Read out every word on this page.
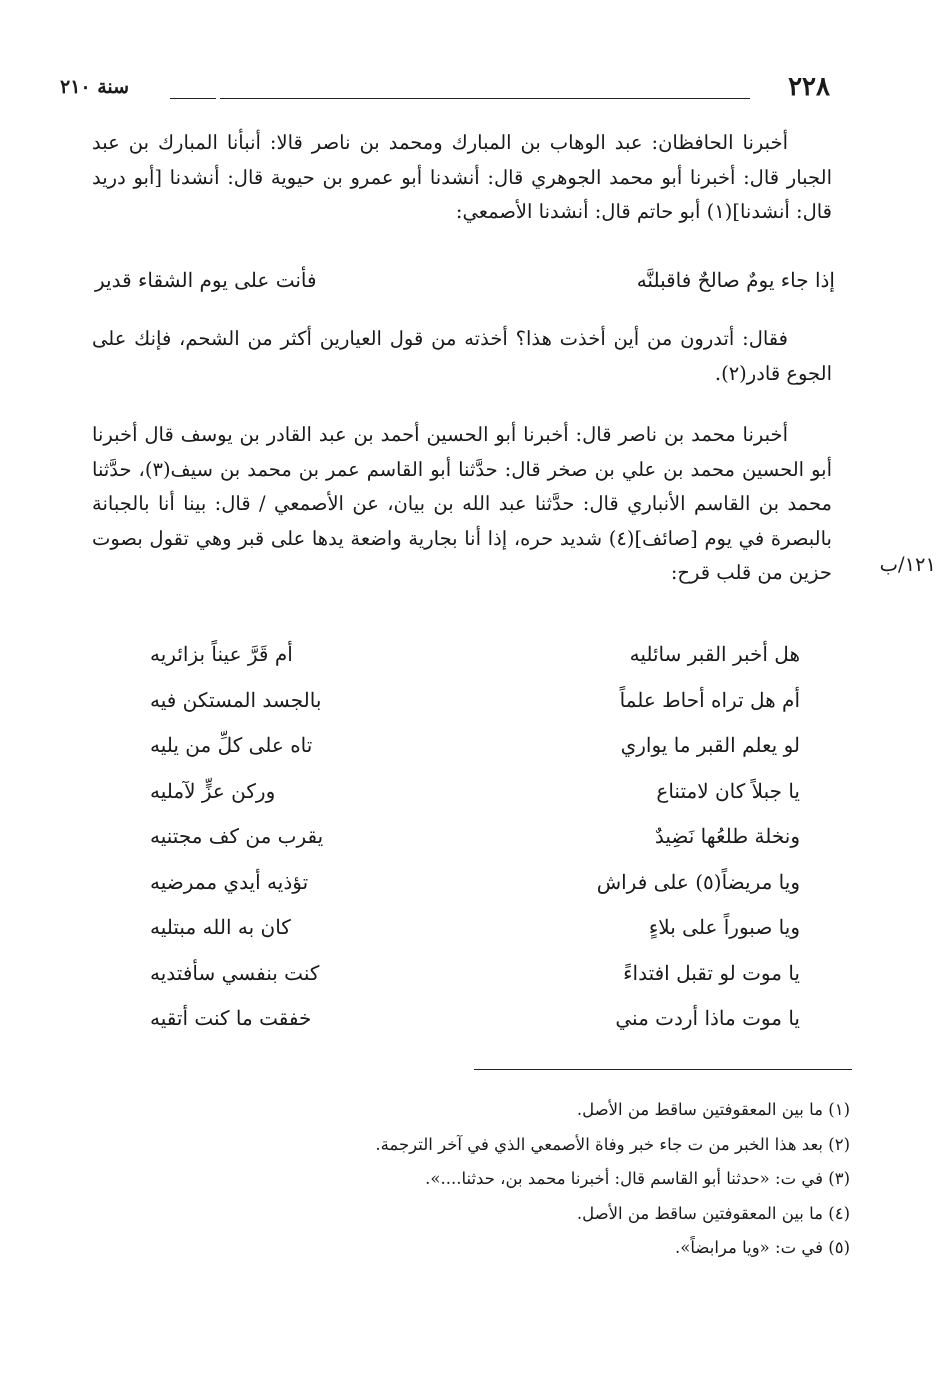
٢٢٨
سنة ٢١٠

أخبرنا الحافظان: عبد الوهاب بن المبارك ومحمد بن ناصر قالا: أنبأنا المبارك بن عبد الجبار قال: أخبرنا أبو محمد الجوهري قال: أنشدنا أبو عمرو بن حيوية قال: أنشدنا [أبو دريد قال: أنشدنا](١) أبو حاتم قال: أنشدنا الأصمعي:

إذا جاء يومٌ صالحٌ فاقبلنَّه
فأنت على يوم الشقاء قدير

فقال: أتدرون من أين أخذت هذا؟ أخذته من قول العيارين أكثر من الشحم، فإنك على الجوع قادر(٢).

أخبرنا محمد بن ناصر قال: أخبرنا أبو الحسين أحمد بن عبد القادر بن يوسف قال أخبرنا أبو الحسين محمد بن علي بن صخر قال: حدَّثنا أبو القاسم عمر بن محمد بن سيف(٣)، حدَّثنا محمد بن القاسم الأنباري قال: حدَّثنا عبد الله بن بيان، عن الأصمعي / قال: بينا أنا بالجبانة بالبصرة في يوم [صائف](٤) شديد حره، إذا أنا بجارية واضعة يدها على قبر وهي تقول بصوت حزين من قلب قرح: ١٢١/ب
هل أخبر القبر سائليه
أم قَرَّ عيناً بزائريه
أم هل تراه أحاط علماً
بالجسد المستكن فيه
لو يعلم القبر ما يواري
تاه على كلِّ من يليه
يا جبلاً كان لامتناع
وركن عزٍّ لآمليه
ونخلة طلعُها نَضِيدٌ
يقرب من كف مجتنيه
ويا مريضاً(٥) على فراش
تؤذيه أيدي ممرضيه
ويا صبوراً على بلاءٍ
كان به الله مبتليه
يا موت لو تقبل افتداءً
كنت بنفسي سأفتديه
يا موت ماذا أردت مني
خفقت ما كنت أتقيه

(١) ما بين المعقوفتين ساقط من الأصل.

(٢) بعد هذا الخبر من ت جاء خبر وفاة الأصمعي الذي في آخر الترجمة.

(٣) في ت: «حدثنا أبو القاسم قال: أخبرنا محمد بن، حدثنا....».

(٤) ما بين المعقوفتين ساقط من الأصل.

(٥) في ت: «ويا مرابضاً».
